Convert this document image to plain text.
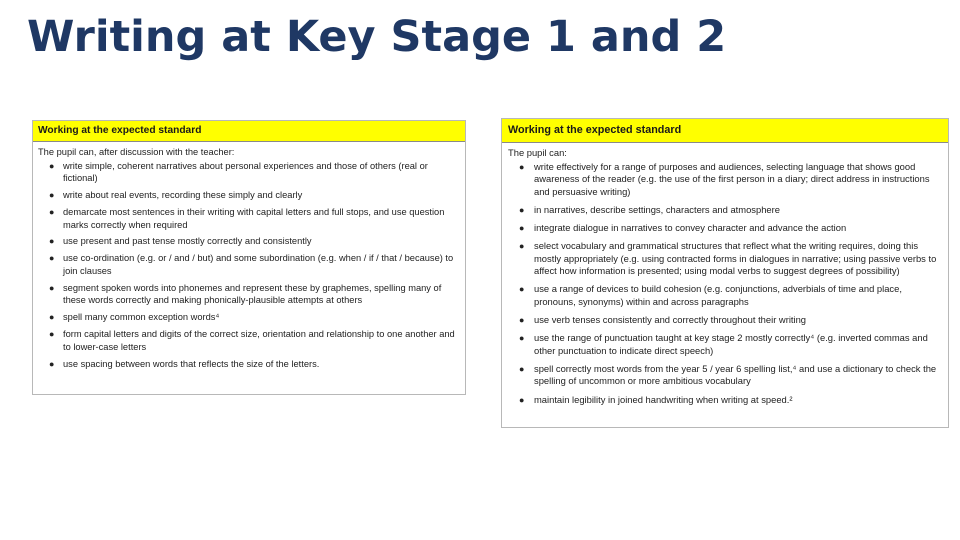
Writing at Key Stage 1 and 2
Working at the expected standard

The pupil can, after discussion with the teacher:

● write simple, coherent narratives about personal experiences and those of others (real or fictional)
● write about real events, recording these simply and clearly
● demarcate most sentences in their writing with capital letters and full stops, and use question marks correctly when required
● use present and past tense mostly correctly and consistently
● use co-ordination (e.g. or / and / but) and some subordination (e.g. when / if / that / because) to join clauses
● segment spoken words into phonemes and represent these by graphemes, spelling many of these words correctly and making phonically-plausible attempts at others
● spell many common exception words⁴
● form capital letters and digits of the correct size, orientation and relationship to one another and to lower-case letters
● use spacing between words that reflects the size of the letters.
Working at the expected standard

The pupil can:

● write effectively for a range of purposes and audiences, selecting language that shows good awareness of the reader (e.g. the use of the first person in a diary; direct address in instructions and persuasive writing)
● in narratives, describe settings, characters and atmosphere
● integrate dialogue in narratives to convey character and advance the action
● select vocabulary and grammatical structures that reflect what the writing requires, doing this mostly appropriately (e.g. using contracted forms in dialogues in narrative; using passive verbs to affect how information is presented; using modal verbs to suggest degrees of possibility)
● use a range of devices to build cohesion (e.g. conjunctions, adverbials of time and place, pronouns, synonyms) within and across paragraphs
● use verb tenses consistently and correctly throughout their writing
● use the range of punctuation taught at key stage 2 mostly correctly⁴ (e.g. inverted commas and other punctuation to indicate direct speech)
● spell correctly most words from the year 5 / year 6 spelling list,⁴ and use a dictionary to check the spelling of uncommon or more ambitious vocabulary
● maintain legibility in joined handwriting when writing at speed.²
